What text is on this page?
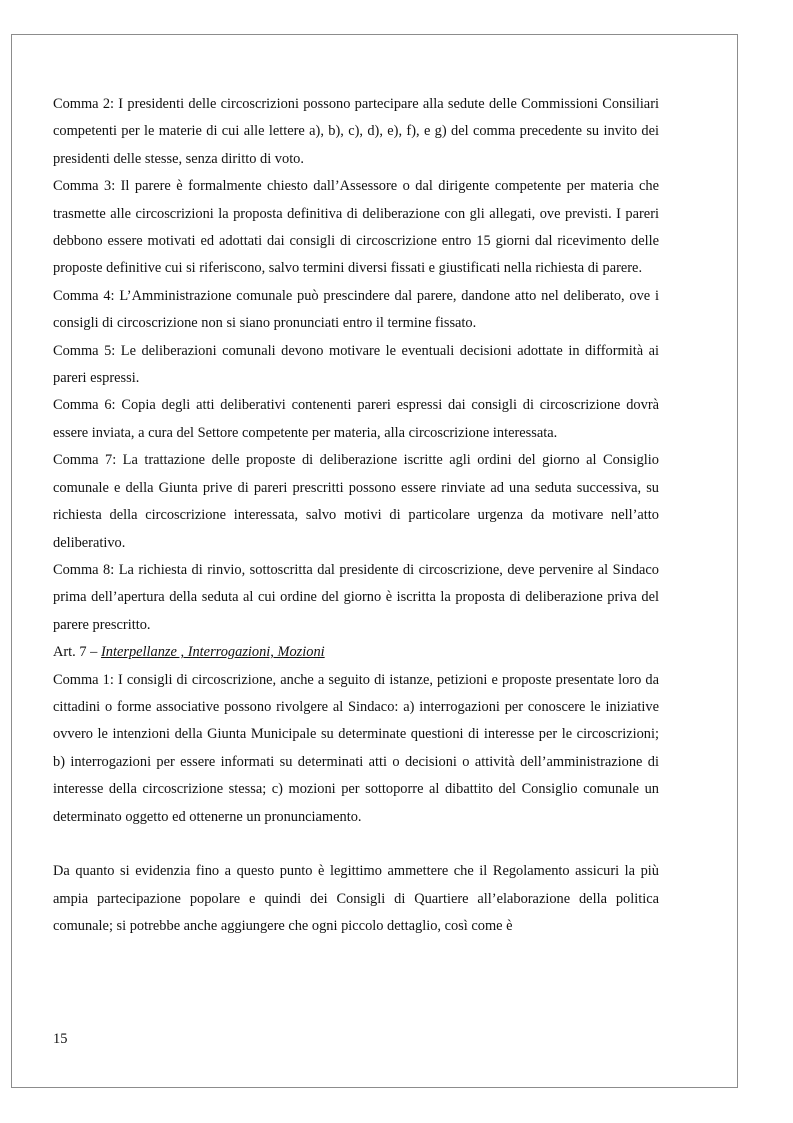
Comma 2: I presidenti delle circoscrizioni possono partecipare alla sedute delle Commissioni Consiliari competenti per le materie di cui alle lettere a), b), c), d), e), f), e g) del comma precedente su invito dei presidenti delle stesse, senza diritto di voto.

Comma 3: Il parere è formalmente chiesto dall’Assessore o dal dirigente competente per materia che trasmette alle circoscrizioni la proposta definitiva di deliberazione con gli allegati, ove previsti. I pareri debbono essere motivati ed adottati dai consigli di circoscrizione entro 15 giorni dal ricevimento delle proposte definitive cui si riferiscono, salvo termini diversi fissati e giustificati nella richiesta di parere.

Comma 4: L’Amministrazione comunale può prescindere dal parere, dandone atto nel deliberato, ove i consigli di circoscrizione non si siano pronunciati entro il termine fissato.

Comma 5: Le deliberazioni comunali devono motivare le eventuali decisioni adottate in difformità ai pareri espressi.

Comma 6: Copia degli atti deliberativi contenenti pareri espressi dai consigli di circoscrizione dovrà essere inviata, a cura del Settore competente per materia, alla circoscrizione interessata.

Comma 7: La trattazione delle proposte di deliberazione iscritte agli ordini del giorno al Consiglio comunale e della Giunta prive di pareri prescritti possono essere rinviate ad una seduta successiva, su richiesta della circoscrizione interessata, salvo motivi di particolare urgenza da motivare nell’atto deliberativo.

Comma 8: La richiesta di rinvio, sottoscritta dal presidente di circoscrizione, deve pervenire al Sindaco prima dell’apertura della seduta al cui ordine del giorno è iscritta la proposta di deliberazione priva del parere prescritto.

Art. 7 – Interpellanze , Interrogazioni, Mozioni

Comma 1: I consigli di circoscrizione, anche a seguito di istanze, petizioni e proposte presentate loro da cittadini o forme associative possono rivolgere al Sindaco: a) interrogazioni per conoscere le iniziative ovvero le intenzioni della Giunta Municipale su determinate questioni di interesse per le circoscrizioni; b) interrogazioni per essere informati su determinati atti o decisioni o attività dell’amministrazione di interesse della circoscrizione stessa; c) mozioni per sottoporre al dibattito del Consiglio comunale un determinato oggetto ed ottenerne un pronunciamento.

Da quanto si evidenzia fino a questo punto è legittimo ammettere che il Regolamento assicuri la più ampia partecipazione popolare e quindi dei Consigli di Quartiere all’elaborazione della politica comunale; si potrebbe anche aggiungere che ogni piccolo dettaglio, così come è

15
